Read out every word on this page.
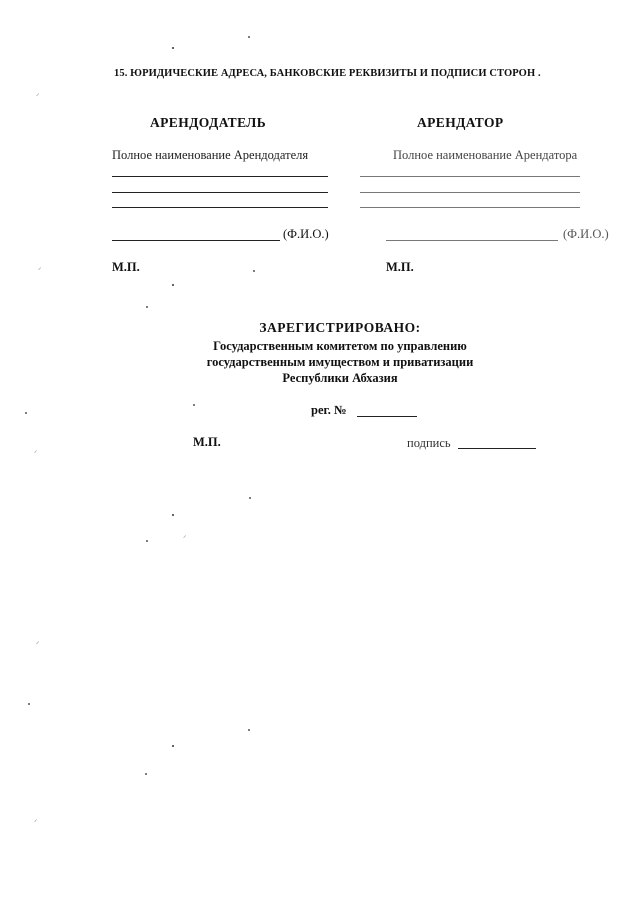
15. ЮРИДИЧЕСКИЕ АДРЕСА, БАНКОВСКИЕ РЕКВИЗИТЫ И ПОДПИСИ СТОРОН .
АРЕНДОДАТЕЛЬ
Полное наименование Арендодателя
(Ф.И.О.)
М.П.
АРЕНДАТОР
Полное наименование Арендатора
(Ф.И.О.)
М.П.
ЗАРЕГИСТРИРОВАНО:
Государственным комитетом по управлению
государственным имуществом и приватизации
Республики Абхазия
рег. №
М.П.	подпись
ᐟ
ᐟ
ᐟ
ᐟ
ᐟ
ᐟ
